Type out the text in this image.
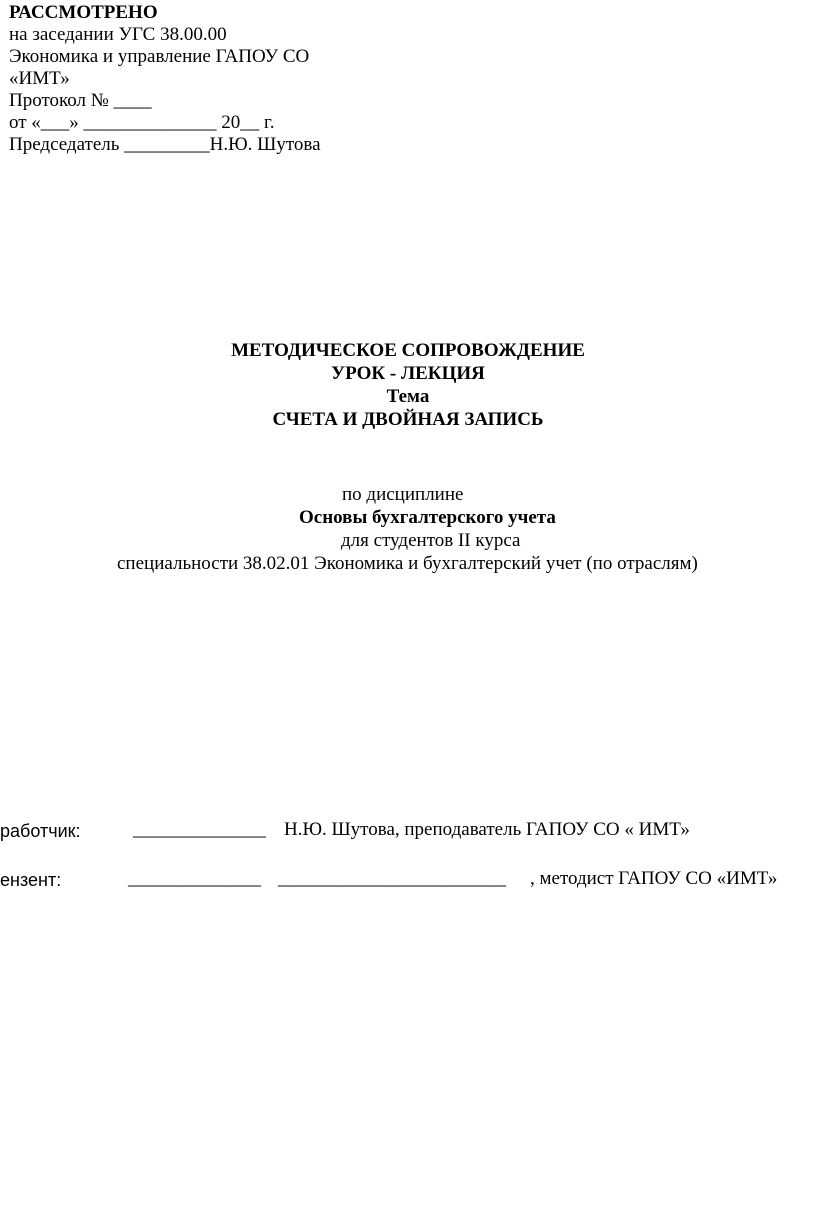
РАССМОТРЕНО
на заседании УГС 38.00.00
Экономика и управление ГАПОУ СО
«ИМТ»
Протокол № ____
от «___» ______________ 20__ г.
Председатель _________Н.Ю. Шутова
МЕТОДИЧЕСКОЕ СОПРОВОЖДЕНИЕ
УРОК - ЛЕКЦИЯ
Тема
СЧЕТА И ДВОЙНАЯ ЗАПИСЬ
по дисциплине
Основы бухгалтерского учета
для студентов II курса
специальности 38.02.01 Экономика и бухгалтерский учет (по отраслям)
работчик:	______________ Н.Ю. Шутова, преподаватель ГАПОУ СО « ИМТ»
ензент:	______________ ________________________ , методист ГАПОУ СО «ИМТ»
